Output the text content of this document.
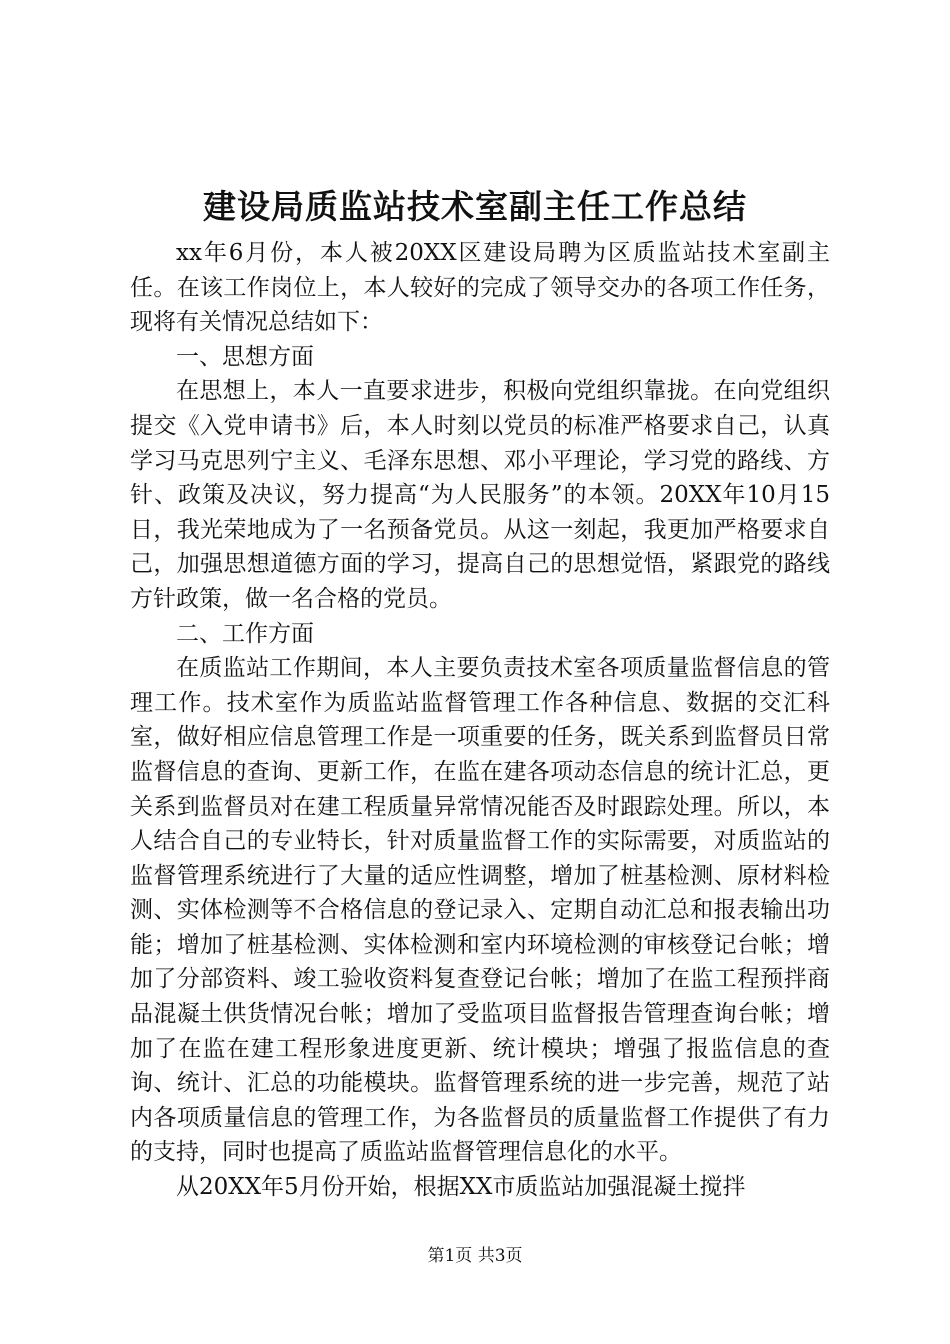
建设局质监站技术室副主任工作总结

xx年6月份，本人被20XX区建设局聘为区质监站技术室副主任。在该工作岗位上，本人较好的完成了领导交办的各项工作任务，现将有关情况总结如下：

一、思想方面

在思想上，本人一直要求进步，积极向党组织靠拢。在向党组织提交《入党申请书》后，本人时刻以党员的标准严格要求自己，认真学习马克思列宁主义、毛泽东思想、邓小平理论，学习党的路线、方针、政策及决议，努力提高“为人民服务”的本领。20XX年10月15日，我光荣地成为了一名预备党员。从这一刻起，我更加严格要求自己，加强思想道德方面的学习，提高自己的思想觉悟，紧跟党的路线方针政策，做一名合格的党员。

二、工作方面

在质监站工作期间，本人主要负责技术室各项质量监督信息的管理工作。技术室作为质监站监督管理工作各种信息、数据的交汇科室，做好相应信息管理工作是一项重要的任务，既关系到监督员日常监督信息的查询、更新工作，在监在建各项动态信息的统计汇总，更关系到监督员对在建工程质量异常情况能否及时跟踪处理。所以，本人结合自己的专业特长，针对质量监督工作的实际需要，对质监站的监督管理系统进行了大量的适应性调整，增加了桩基检测、原材料检测、实体检测等不合格信息的登记录入、定期自动汇总和报表输出功能；增加了桩基检测、实体检测和室内环境检测的审核登记台帐；增加了分部资料、竣工验收资料复查登记台帐；增加了在监工程预拌商品混凝土供货情况台帐；增加了受监项目监督报告管理查询台帐；增加了在监在建工程形象进度更新、统计模块；增强了报监信息的查询、统计、汇总的功能模块。监督管理系统的进一步完善，规范了站内各项质量信息的管理工作，为各监督员的质量监督工作提供了有力的支持，同时也提高了质监站监督管理信息化的水平。

从20XX年5月份开始，根据XX市质监站加强混凝土搅拌

第1页 共3页
